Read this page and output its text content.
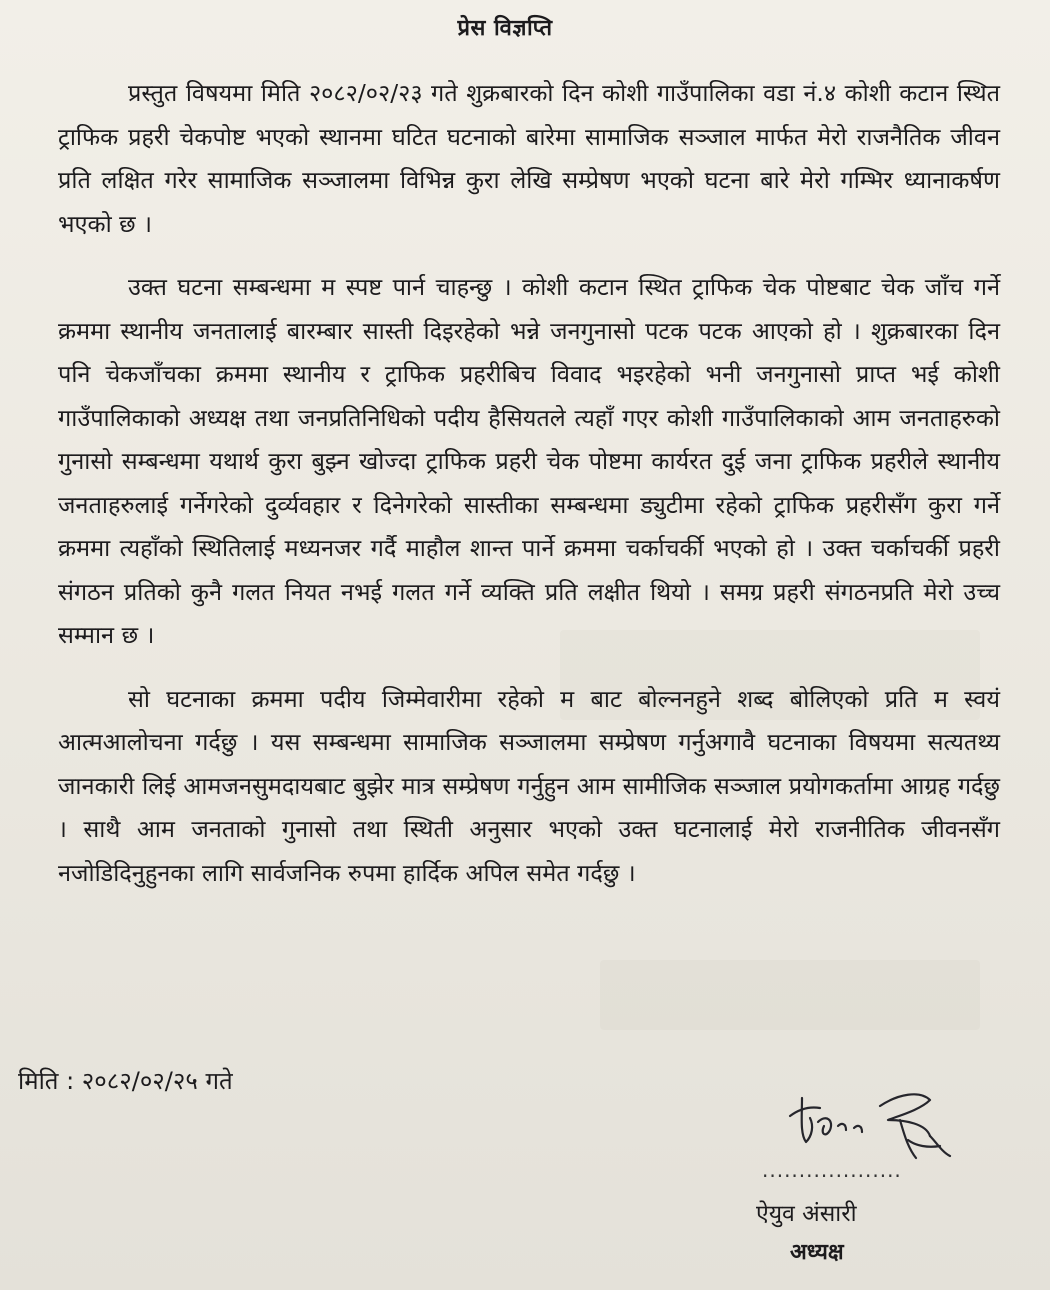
प्रेस विज्ञप्ति

प्रस्तुत विषयमा मिति २०८२/०२/२३ गते शुक्रबारको दिन कोशी गाउँपालिका वडा नं.४ कोशी कटान स्थित ट्राफिक प्रहरी चेकपोष्ट भएको स्थानमा घटित घटनाको बारेमा सामाजिक सञ्जाल मार्फत मेरो राजनैतिक जीवन प्रति लक्षित गरेर सामाजिक सञ्जालमा विभिन्न कुरा लेखि सम्प्रेषण भएको घटना बारे मेरो गम्भिर ध्यानाकर्षण भएको छ ।

उक्त घटना सम्बन्धमा म स्पष्ट पार्न चाहन्छु । कोशी कटान स्थित ट्राफिक चेक पोष्टबाट चेक जाँच गर्ने क्रममा स्थानीय जनतालाई बारम्बार सास्ती दिइरहेको भन्ने जनगुनासो पटक पटक आएको हो । शुक्रबारका दिन पनि चेकजाँचका क्रममा स्थानीय र ट्राफिक प्रहरीबिच विवाद भइरहेको भनी जनगुनासो प्राप्त भई कोशी गाउँपालिकाको अध्यक्ष तथा जनप्रतिनिधिको पदीय हैसियतले त्यहाँ गएर कोशी गाउँपालिकाको आम जनताहरुको गुनासो सम्बन्धमा यथार्थ कुरा बुझ्न खोज्दा ट्राफिक प्रहरी चेक पोष्टमा कार्यरत दुई जना ट्राफिक प्रहरीले स्थानीय जनताहरुलाई गर्नेगरेको दुर्व्यवहार र दिनेगरेको सास्तीका सम्बन्धमा ड्युटीमा रहेको ट्राफिक प्रहरीसँग कुरा गर्ने क्रममा त्यहाँको स्थितिलाई मध्यनजर गर्दै माहौल शान्त पार्ने क्रममा चर्काचर्की भएको हो । उक्त चर्काचर्की प्रहरी संगठन प्रतिको कुनै गलत नियत नभई गलत गर्ने व्यक्ति प्रति लक्षीत थियो । समग्र प्रहरी संगठनप्रति मेरो उच्च सम्मान छ ।

सो घटनाका क्रममा पदीय जिम्मेवारीमा रहेको म बाट बोल्ननहुने शब्द बोलिएको प्रति म स्वयं आत्मआलोचना गर्दछु । यस सम्बन्धमा सामाजिक सञ्जालमा सम्प्रेषण गर्नुअगावै घटनाका विषयमा सत्यतथ्य जानकारी लिई आमजनसुमदायबाट बुझेर मात्र सम्प्रेषण गर्नुहुन आम सामीजिक सञ्जाल प्रयोगकर्तामा आग्रह गर्दछु । साथै आम जनताको गुनासो तथा स्थिती अनुसार भएको उक्त घटनालाई मेरो राजनीतिक जीवनसँग नजोडिदिनुहुनका लागि सार्वजनिक रुपमा हार्दिक अपिल समेत गर्दछु ।

मिति : २०८२/०२/२५ गते
...................
ऐयुव अंसारी
अध्यक्ष
